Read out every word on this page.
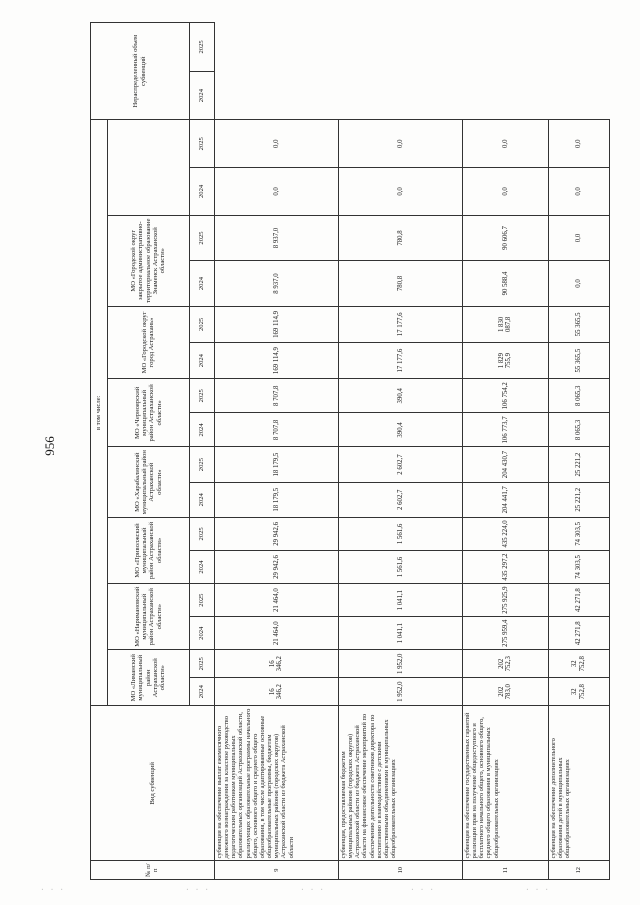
956
№ п/п	Вид субвенций	в том числе:																Нераспределенный объем субвенций	
		МО «Лиманский муниципальный район Астраханской области»		МО «Наримановский муниципальный район Астраханской области»		МО «Приволжский муниципальный район Астраханской области»		МО «Харабалинский муниципальный район Астраханской области»		МО «Черноярский муниципальный район Астраханской области»		МО «Городской округ город Астрахань»		МО «Городской округ закрытое административно-территориальное образование Знаменск Астраханской области»					
		2024	2025	2024	2025	2024	2025	2024	2025	2024	2025	2024	2025	2024	2025	2024	2025	2024	2025
9	субвенция на обеспечение выплат ежемесячного денежного вознаграждения за классное руководство педагогическим работникам муниципальных образовательных организаций Астраханской области, реализующих образовательные программы начального общего, основного общего и среднего общего образования, в том числе адаптированные основные общеобразовательные программы, бюджетам муниципальных районов (городских округов) Астраханской области из бюджета Астраханской области	16 346,2	16 346,2	21 464,0	21 464,0	29 942,6	29 942,6	18 179,5	18 179,5	8 707,8	8 707,8	169 114,9	169 114,9	8 937,0	8 937,0	0,0	0,0		
10	субвенция, предоставляемая бюджетам муниципальных районов (городских округов) Астраханской области из бюджета Астраханской области на финансовое обеспечение мероприятий по обеспечению деятельности советников директора по воспитанию и взаимодействию с детскими общественными объединениями в муниципальных общеобразовательных организациях	1 952,0	1 952,0	1 041,1	1 041,1	1 561,6	1 561,6	2 602,7	2 602,7	390,4	390,4	17 177,6	17 177,6	780,8	780,8	0,0	0,0		
11	субвенция на обеспечение государственных гарантий реализации прав на получение общедоступного и бесплатного начального общего, основного общего, среднего общего образования в муниципальных общеобразовательных организациях	202 783,0	202 752,3	275 959,4	275 925,9	435 297,2	435 224,0	204 441,7	204 430,7	106 773,7	106 754,2	1 829 755,9	1 830 087,8	90 588,4	90 606,7	0,0	0,0		
12	субвенция на обеспечение дополнительного образования детей в муниципальных общеобразовательных организациях	32 752,8	32 752,8	42 271,8	42 271,8	74 303,5	74 303,5	25 221,2	25 221,2	8 065,3	8 065,3	55 365,5	55 365,5	0,0	0,0	0,0	0,0		
· · ·	· · ·	· · ·	· · ·	· · ·
